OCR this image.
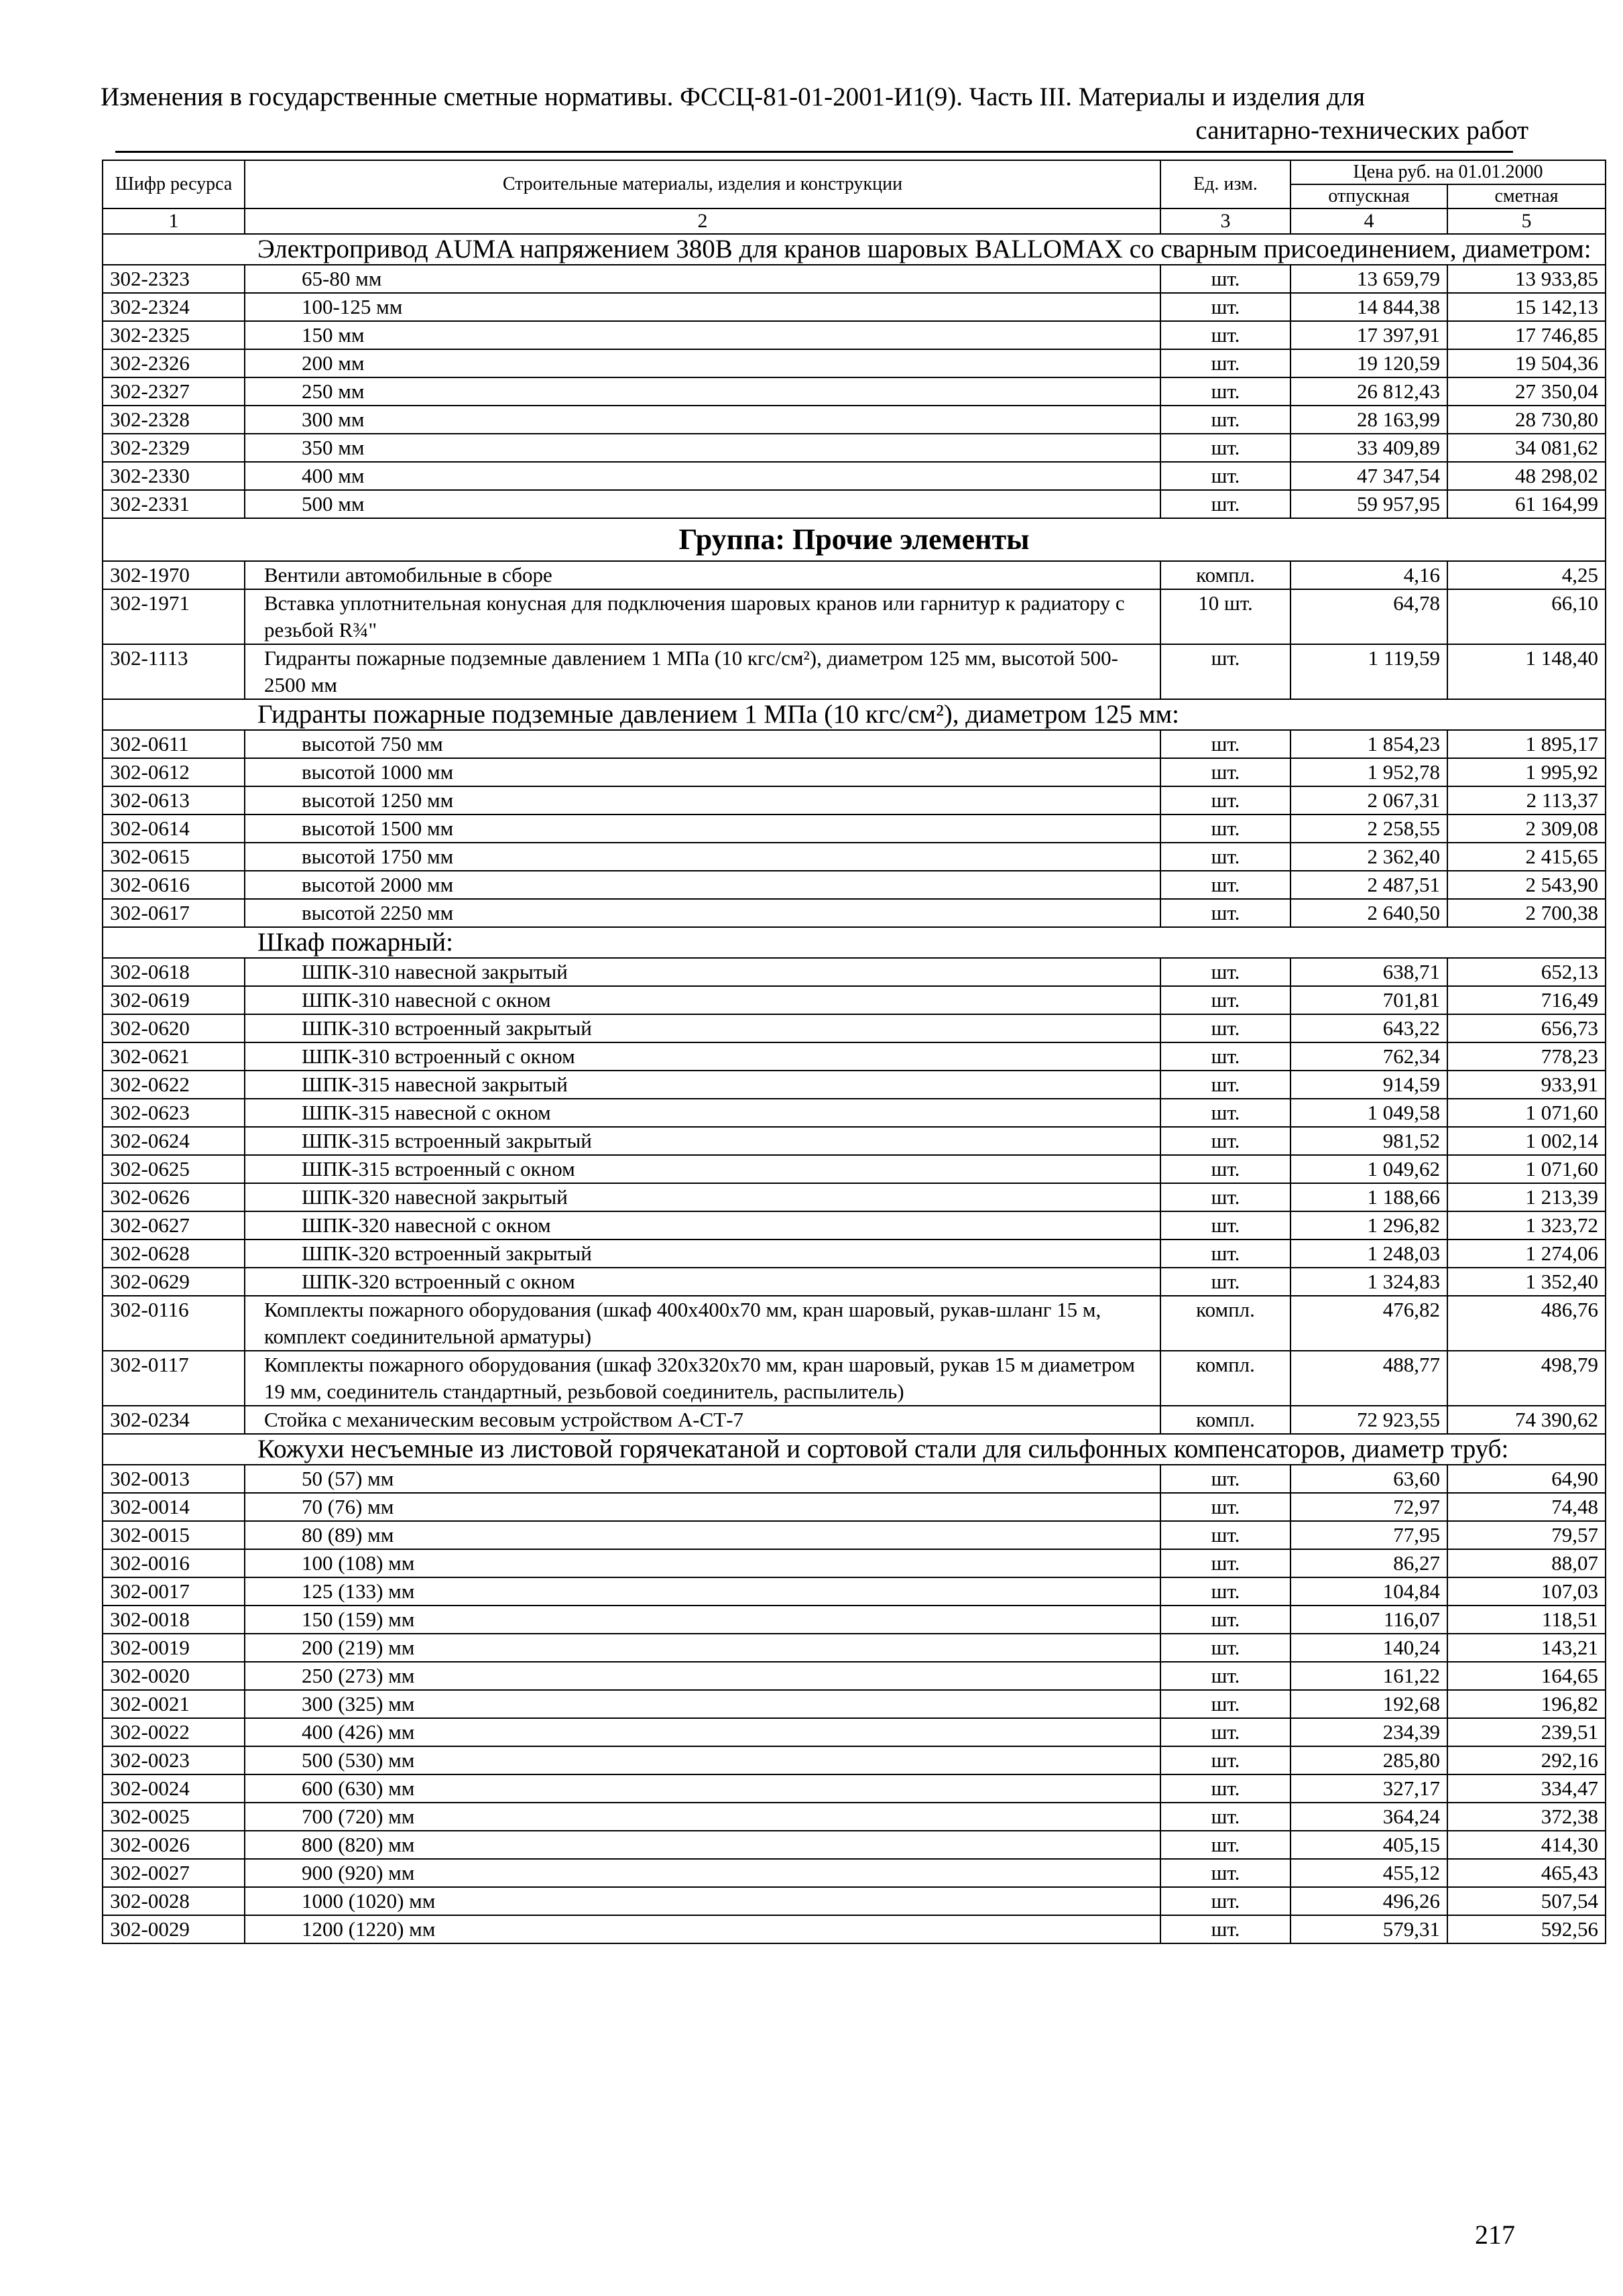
Изменения в государственные сметные нормативы. ФССЦ-81-01-2001-И1(9). Часть III. Материалы и изделия для
санитарно-технических работ
Шифр ресурса	Строительные материалы, изделия и конструкции	Ед. изм.	Цена руб. на 01.01.2000	
			отпускная	сметная
1	2	3	4	5
Электропривод AUMA напряжением 380В для кранов шаровых BALLOMAX со сварным присоединением, диаметром:				
302-2323	65-80 мм	шт.	13 659,79	13 933,85
302-2324	100-125 мм	шт.	14 844,38	15 142,13
302-2325	150 мм	шт.	17 397,91	17 746,85
302-2326	200 мм	шт.	19 120,59	19 504,36
302-2327	250 мм	шт.	26 812,43	27 350,04
302-2328	300 мм	шт.	28 163,99	28 730,80
302-2329	350 мм	шт.	33 409,89	34 081,62
302-2330	400 мм	шт.	47 347,54	48 298,02
302-2331	500 мм	шт.	59 957,95	61 164,99
Группа: Прочие элементы				
302-1970	Вентили автомобильные в сборе	компл.	4,16	4,25
302-1971	Вставка уплотнительная конусная для подключения шаровых кранов или гарнитур к радиатору с резьбой R¾"	10 шт.	64,78	66,10
302-1113	Гидранты пожарные подземные давлением 1 МПа (10 кгс/см²), диаметром 125 мм, высотой 500-2500 мм	шт.	1 119,59	1 148,40
Гидранты пожарные подземные давлением 1 МПа (10 кгс/см²), диаметром 125 мм:				
302-0611	высотой 750 мм	шт.	1 854,23	1 895,17
302-0612	высотой 1000 мм	шт.	1 952,78	1 995,92
302-0613	высотой 1250 мм	шт.	2 067,31	2 113,37
302-0614	высотой 1500 мм	шт.	2 258,55	2 309,08
302-0615	высотой 1750 мм	шт.	2 362,40	2 415,65
302-0616	высотой 2000 мм	шт.	2 487,51	2 543,90
302-0617	высотой 2250 мм	шт.	2 640,50	2 700,38
Шкаф пожарный:				
302-0618	ШПК-310 навесной закрытый	шт.	638,71	652,13
302-0619	ШПК-310 навесной с окном	шт.	701,81	716,49
302-0620	ШПК-310 встроенный закрытый	шт.	643,22	656,73
302-0621	ШПК-310 встроенный с окном	шт.	762,34	778,23
302-0622	ШПК-315 навесной закрытый	шт.	914,59	933,91
302-0623	ШПК-315 навесной с окном	шт.	1 049,58	1 071,60
302-0624	ШПК-315 встроенный закрытый	шт.	981,52	1 002,14
302-0625	ШПК-315 встроенный с окном	шт.	1 049,62	1 071,60
302-0626	ШПК-320 навесной закрытый	шт.	1 188,66	1 213,39
302-0627	ШПК-320 навесной с окном	шт.	1 296,82	1 323,72
302-0628	ШПК-320 встроенный закрытый	шт.	1 248,03	1 274,06
302-0629	ШПК-320 встроенный с окном	шт.	1 324,83	1 352,40
302-0116	Комплекты пожарного оборудования (шкаф 400х400х70 мм, кран шаровый, рукав-шланг 15 м, комплект соединительной арматуры)	компл.	476,82	486,76
302-0117	Комплекты пожарного оборудования (шкаф 320х320х70 мм, кран шаровый, рукав 15 м диаметром 19 мм, соединитель стандартный, резьбовой соединитель, распылитель)	компл.	488,77	498,79
302-0234	Стойка с механическим весовым устройством А-СТ-7	компл.	72 923,55	74 390,62
Кожухи несъемные из листовой горячекатаной и сортовой стали для сильфонных компенсаторов, диаметр труб:				
302-0013	50 (57) мм	шт.	63,60	64,90
302-0014	70 (76) мм	шт.	72,97	74,48
302-0015	80 (89) мм	шт.	77,95	79,57
302-0016	100 (108) мм	шт.	86,27	88,07
302-0017	125 (133) мм	шт.	104,84	107,03
302-0018	150 (159) мм	шт.	116,07	118,51
302-0019	200 (219) мм	шт.	140,24	143,21
302-0020	250 (273) мм	шт.	161,22	164,65
302-0021	300 (325) мм	шт.	192,68	196,82
302-0022	400 (426) мм	шт.	234,39	239,51
302-0023	500 (530) мм	шт.	285,80	292,16
302-0024	600 (630) мм	шт.	327,17	334,47
302-0025	700 (720) мм	шт.	364,24	372,38
302-0026	800 (820) мм	шт.	405,15	414,30
302-0027	900 (920) мм	шт.	455,12	465,43
302-0028	1000 (1020) мм	шт.	496,26	507,54
302-0029	1200 (1220) мм	шт.	579,31	592,56
217
